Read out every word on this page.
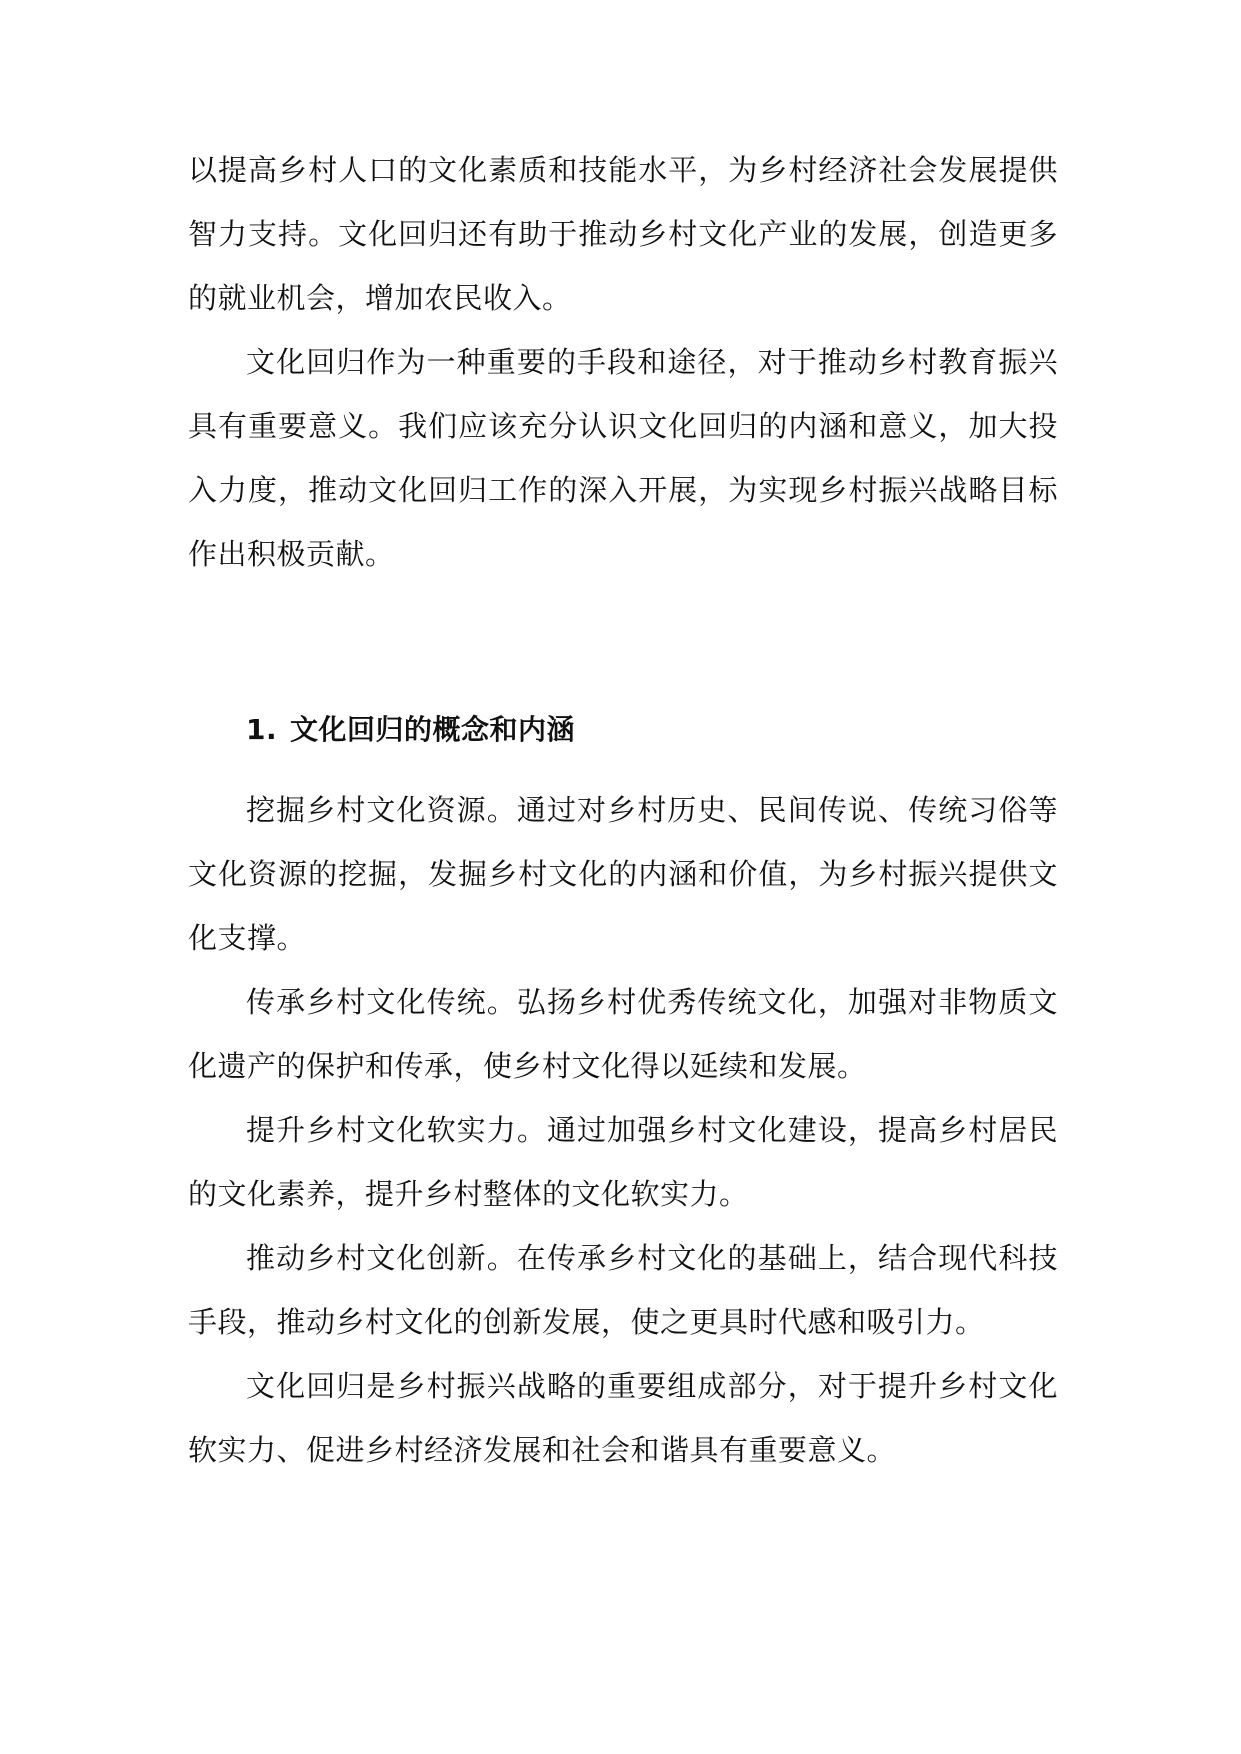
以提高乡村人口的文化素质和技能水平，为乡村经济社会发展提供智力支持。文化回归还有助于推动乡村文化产业的发展，创造更多的就业机会，增加农民收入。

文化回归作为一种重要的手段和途径，对于推动乡村教育振兴具有重要意义。我们应该充分认识文化回归的内涵和意义，加大投入力度，推动文化回归工作的深入开展，为实现乡村振兴战略目标作出积极贡献。

1. 文化回归的概念和内涵

挖掘乡村文化资源。通过对乡村历史、民间传说、传统习俗等文化资源的挖掘，发掘乡村文化的内涵和价值，为乡村振兴提供文化支撑。

传承乡村文化传统。弘扬乡村优秀传统文化，加强对非物质文化遗产的保护和传承，使乡村文化得以延续和发展。

提升乡村文化软实力。通过加强乡村文化建设，提高乡村居民的文化素养，提升乡村整体的文化软实力。

推动乡村文化创新。在传承乡村文化的基础上，结合现代科技手段，推动乡村文化的创新发展，使之更具时代感和吸引力。

文化回归是乡村振兴战略的重要组成部分，对于提升乡村文化软实力、促进乡村经济发展和社会和谐具有重要意义。
